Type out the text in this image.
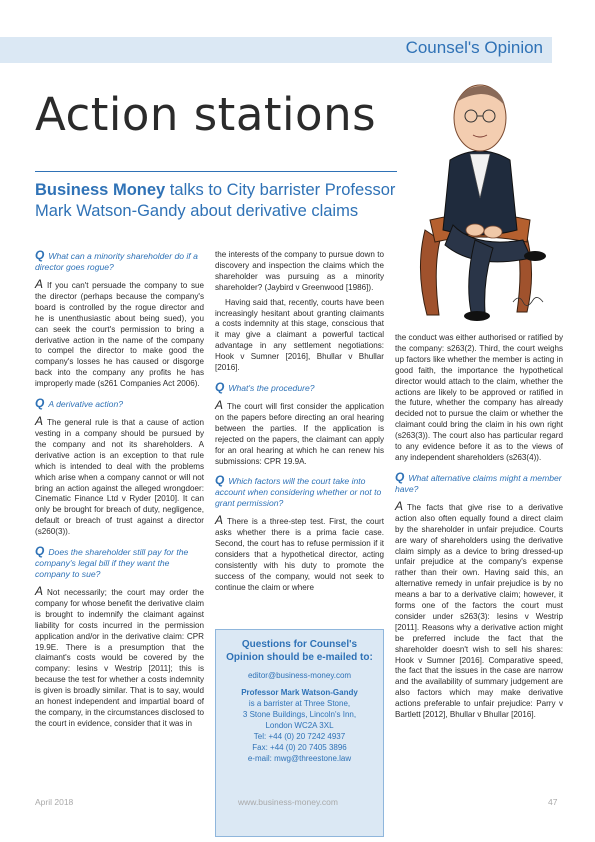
Counsel's Opinion
Action stations
Business Money talks to City barrister Professor Mark Watson-Gandy about derivative claims

Q What can a minority shareholder do if a director goes rogue?

A If you can't persuade the company to sue the director (perhaps because the company's board is controlled by the rogue director and he is unenthusiastic about being sued), you can seek the court's permission to bring a derivative action in the name of the company to compel the director to make good the company's losses he has caused or disgorge back into the company any profits he has improperly made (s261 Companies Act 2006).

Q A derivative action?

A The general rule is that a cause of action vesting in a company should be pursued by the company and not its shareholders. A derivative action is an exception to that rule which is intended to deal with the problems which arise when a company cannot or will not bring an action against the alleged wrongdoer: Cinematic Finance Ltd v Ryder [2010]. It can only be brought for breach of duty, negligence, default or breach of trust against a director (s260(3)).

Q Does the shareholder still pay for the company's legal bill if they want the company to sue?

A Not necessarily; the court may order the company for whose benefit the derivative claim is brought to indemnify the claimant against liability for costs incurred in the permission application and/or in the derivative claim: CPR 19.9E. There is a presumption that the claimant's costs would be covered by the company: Iesins v Westrip [2011]; this is because the test for whether a costs indemnity is given is broadly similar. That is to say, would an honest independent and impartial board of the company, in the circumstances disclosed to the court in evidence, consider that it was in

the interests of the company to pursue down to discovery and inspection the claims which the shareholder was pursuing as a minority shareholder? (Jaybird v Greenwood [1986]).

Having said that, recently, courts have been increasingly hesitant about granting claimants a costs indemnity at this stage, conscious that it may give a claimant a powerful tactical advantage in any settlement negotiations: Hook v Sumner [2016], Bhullar v Bhullar [2016].

Q What's the procedure?

A The court will first consider the application on the papers before directing an oral hearing between the parties. If the application is rejected on the papers, the claimant can apply for an oral hearing at which he can renew his submissions: CPR 19.9A.

Q Which factors will the court take into account when considering whether or not to grant permission?

A There is a three-step test. First, the court asks whether there is a prima facie case. Second, the court has to refuse permission if it considers that a hypothetical director, acting consistently with his duty to promote the success of the company, would not seek to continue the claim or where

Questions for Counsel's Opinion should be e-mailed to:
editor@business-money.com
Professor Mark Watson-Gandy
is a barrister at Three Stone,
3 Stone Buildings, Lincoln's Inn,
London WC2A 3XL
Tel: +44 (0) 20 7242 4937
Fax: +44 (0) 20 7405 3896
e-mail: mwg@threestone.law

the conduct was either authorised or ratified by the company: s263(2). Third, the court weighs up factors like whether the member is acting in good faith, the importance the hypothetical director would attach to the claim, whether the actions are likely to be approved or ratified in the future, whether the company has already decided not to pursue the claim or whether the claimant could bring the claim in his own right (s263(3)). The court also has particular regard to any evidence before it as to the views of any independent shareholders (s263(4)).

Q What alternative claims might a member have?

A The facts that give rise to a derivative action also often equally found a direct claim by the shareholder in unfair prejudice. Courts are wary of shareholders using the derivative claim simply as a device to bring dressed-up unfair prejudice at the company's expense rather than their own. Having said this, an alternative remedy in unfair prejudice is by no means a bar to a derivative claim; however, it forms one of the factors the court must consider under s263(3): Iesins v Westrip [2011]. Reasons why a derivative action might be preferred include the fact that the shareholder doesn't wish to sell his shares: Hook v Sumner [2016]. Comparative speed, the fact that the issues in the case are narrow and the availability of summary judgement are also factors which may make derivative actions preferable to unfair prejudice: Parry v Bartlett [2012], Bhullar v Bhullar [2016].

April 2018	www.business-money.com	47
